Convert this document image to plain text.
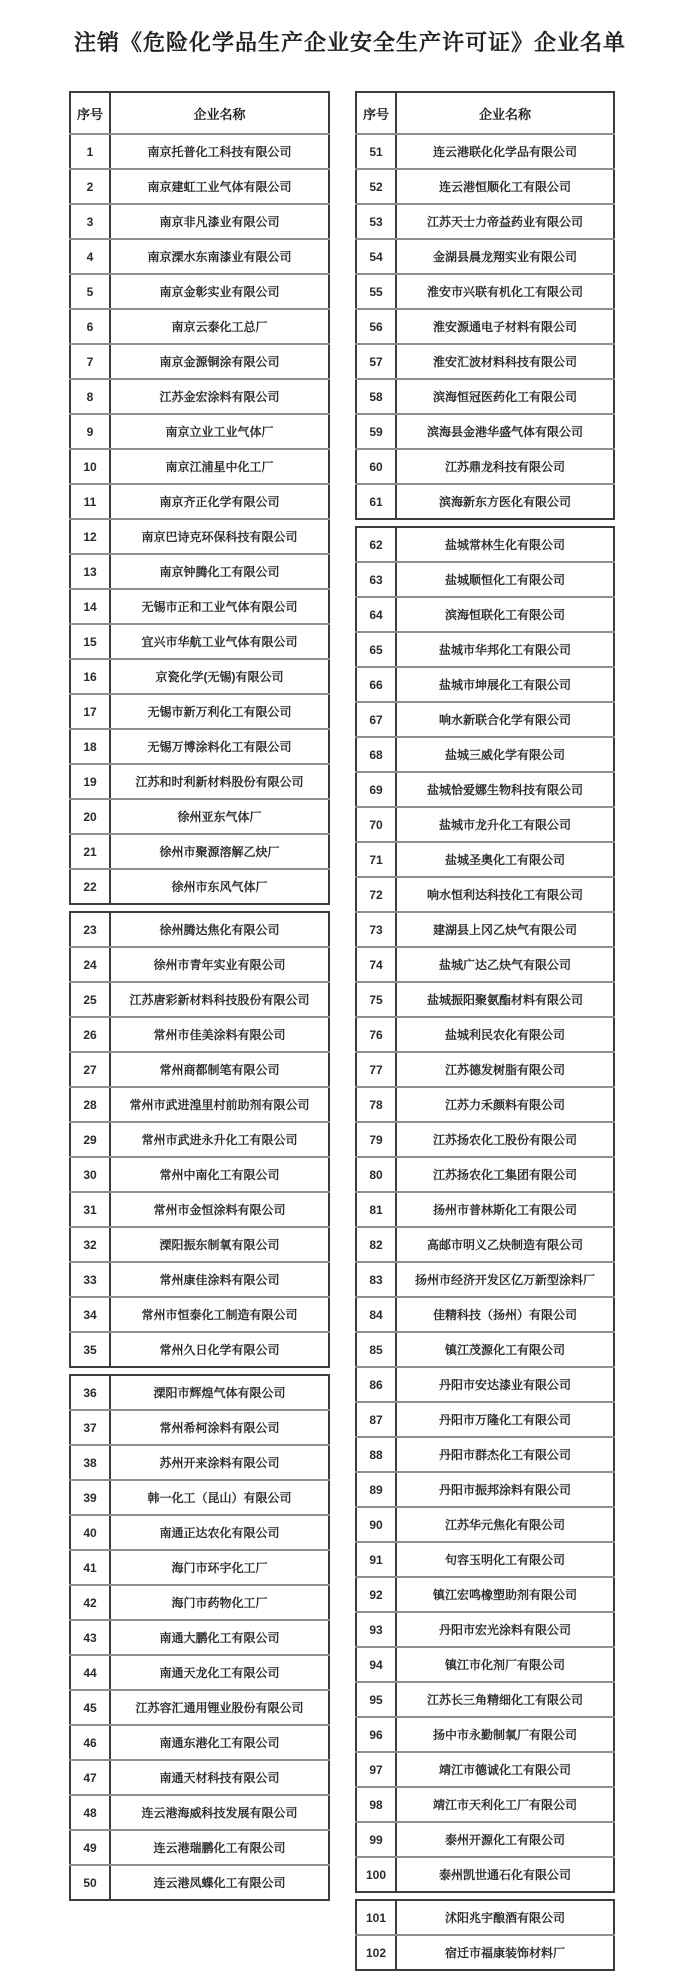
注销《危险化学品生产企业安全生产许可证》企业名单
序号	企业名称
1	南京托普化工科技有限公司
2	南京建虹工业气体有限公司
3	南京非凡漆业有限公司
4	南京溧水东南漆业有限公司
5	南京金彰实业有限公司
6	南京云泰化工总厂
7	南京金源铜涂有限公司
8	江苏金宏涂料有限公司
9	南京立业工业气体厂
10	南京江浦星中化工厂
11	南京齐正化学有限公司
12	南京巴诗克环保科技有限公司
13	南京钟腾化工有限公司
14	无锡市正和工业气体有限公司
15	宜兴市华航工业气体有限公司
16	京瓷化学(无锡)有限公司
17	无锡市新万利化工有限公司
18	无锡万博涂料化工有限公司
19	江苏和时利新材料股份有限公司
20	徐州亚东气体厂
21	徐州市聚源溶解乙炔厂
22	徐州市东风气体厂
23	徐州腾达焦化有限公司
24	徐州市青年实业有限公司
25	江苏唐彩新材料科技股份有限公司
26	常州市佳美涂料有限公司
27	常州商都制笔有限公司
28	常州市武进湟里村前助剂有限公司
29	常州市武进永升化工有限公司
30	常州中南化工有限公司
31	常州市金恒涂料有限公司
32	溧阳振东制氧有限公司
33	常州康佳涂料有限公司
34	常州市恒泰化工制造有限公司
35	常州久日化学有限公司
36	溧阳市辉煌气体有限公司
37	常州希柯涂料有限公司
38	苏州开来涂料有限公司
39	韩一化工（昆山）有限公司
40	南通正达农化有限公司
41	海门市环宇化工厂
42	海门市药物化工厂
43	南通大鹏化工有限公司
44	南通天龙化工有限公司
45	江苏容汇通用锂业股份有限公司
46	南通东港化工有限公司
47	南通天材科技有限公司
48	连云港海威科技发展有限公司
49	连云港瑞鹏化工有限公司
50	连云港凤蝶化工有限公司
序号	企业名称
51	连云港联化化学品有限公司
52	连云港恒顺化工有限公司
53	江苏天士力帝益药业有限公司
54	金湖县晨龙翔实业有限公司
55	淮安市兴联有机化工有限公司
56	淮安源通电子材料有限公司
57	淮安汇波材料科技有限公司
58	滨海恒冠医药化工有限公司
59	滨海县金港华盛气体有限公司
60	江苏鼎龙科技有限公司
61	滨海新东方医化有限公司
62	盐城常林生化有限公司
63	盐城顺恒化工有限公司
64	滨海恒联化工有限公司
65	盐城市华邦化工有限公司
66	盐城市坤展化工有限公司
67	响水新联合化学有限公司
68	盐城三威化学有限公司
69	盐城恰爱娜生物科技有限公司
70	盐城市龙升化工有限公司
71	盐城圣奥化工有限公司
72	响水恒利达科技化工有限公司
73	建湖县上冈乙炔气有限公司
74	盐城广达乙炔气有限公司
75	盐城振阳聚氨酯材料有限公司
76	盐城利民农化有限公司
77	江苏德发树脂有限公司
78	江苏力禾颜料有限公司
79	江苏扬农化工股份有限公司
80	江苏扬农化工集团有限公司
81	扬州市普林斯化工有限公司
82	高邮市明义乙炔制造有限公司
83	扬州市经济开发区亿万新型涂料厂
84	佳精科技（扬州）有限公司
85	镇江茂源化工有限公司
86	丹阳市安达漆业有限公司
87	丹阳市万隆化工有限公司
88	丹阳市群杰化工有限公司
89	丹阳市振邦涂料有限公司
90	江苏华元焦化有限公司
91	句容玉明化工有限公司
92	镇江宏鸣橡塑助剂有限公司
93	丹阳市宏光涂料有限公司
94	镇江市化剂厂有限公司
95	江苏长三角精细化工有限公司
96	扬中市永勤制氧厂有限公司
97	靖江市德诚化工有限公司
98	靖江市天利化工厂有限公司
99	泰州开源化工有限公司
100	泰州凯世通石化有限公司
101	沭阳兆宇酿酒有限公司
102	宿迁市福康装饰材料厂
